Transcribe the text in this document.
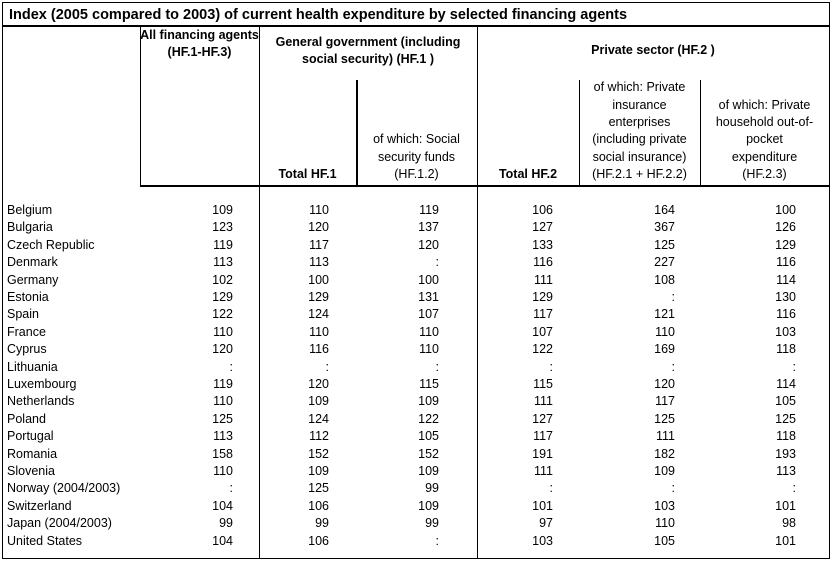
Index (2005 compared to 2003) of current health expenditure by selected financing agents
All financing agents (HF.1-HF.3)
General government (including social security) (HF.1 )
Private sector (HF.2 )
Total HF.1
of which: Social
security funds
(HF.1.2)	Total HF.2
of which: Private
insurance
enterprises
(including private
social insurance)
(HF.2.1 + HF.2.2)
of which: Private
household out-of-
pocket
expenditure
(HF.2.3)
Belgium	109	110	119	106	164	100
Bulgaria	123	120	137	127	367	126
Czech Republic	119	117	120	133	125	129
Denmark	113	113	:	116	227	116
Germany	102	100	100	111	108	114
Estonia	129	129	131	129	:	130
Spain	122	124	107	117	121	116
France	110	110	110	107	110	103
Cyprus	120	116	110	122	169	118
Lithuania	:	:	:	:	:	:
Luxembourg	119	120	115	115	120	114
Netherlands	110	109	109	111	117	105
Poland	125	124	122	127	125	125
Portugal	113	112	105	117	111	118
Romania	158	152	152	191	182	193
Slovenia	110	109	109	111	109	113
Norway (2004/2003)	:	125	99	:	:	:
Switzerland	104	106	109	101	103	101
Japan (2004/2003)	99	99	99	97	110	98
United States	104	106	:	103	105	101
